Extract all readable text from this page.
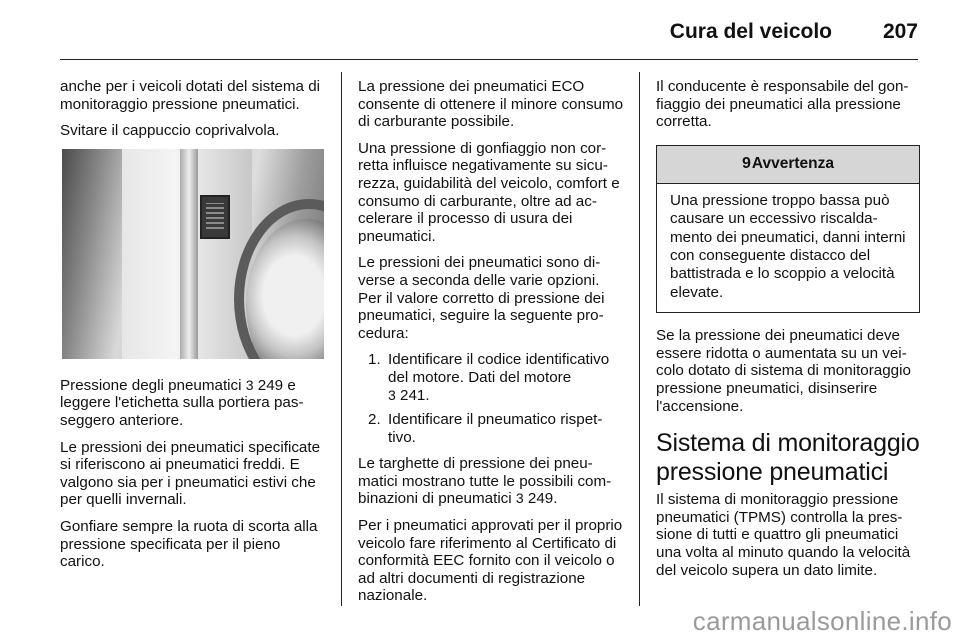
Cura del veicolo 207

anche per i veicoli dotati del sistema di monitoraggio pressione pneumatici.

Svitare il cappuccio coprivalvola.

Pressione degli pneumatici 3 249 e leggere l'etichetta sulla portiera passeggero anteriore.

Le pressioni dei pneumatici specificate si riferiscono ai pneumatici freddi. E valgono sia per i pneumatici estivi che per quelli invernali.

Gonfiare sempre la ruota di scorta alla pressione specificata per il pieno carico.

La pressione dei pneumatici ECO consente di ottenere il minore consumo di carburante possibile.

Una pressione di gonfiaggio non corretta influisce negativamente su sicurezza, guidabilità del veicolo, comfort e consumo di carburante, oltre ad accelerare il processo di usura dei pneumatici.

Le pressioni dei pneumatici sono diverse a seconda delle varie opzioni. Per il valore corretto di pressione dei pneumatici, seguire la seguente procedura:

1. Identificare il codice identificativo del motore. Dati del motore
3 241.
2. Identificare il pneumatico rispettivo.

Le targhette di pressione dei pneumatici mostrano tutte le possibili combinazioni di pneumatici 3 249.

Per i pneumatici approvati per il proprio veicolo fare riferimento al Certificato di conformità EEC fornito con il veicolo o ad altri documenti di registrazione nazionale.

Il conducente è responsabile del gonfiaggio dei pneumatici alla pressione corretta.

9 Avvertenza
Una pressione troppo bassa può causare un eccessivo riscaldamento dei pneumatici, danni interni con conseguente distacco del battistrada e lo scoppio a velocità elevate.

Se la pressione dei pneumatici deve essere ridotta o aumentata su un veicolo dotato di sistema di monitoraggio pressione pneumatici, disinserire l'accensione.

Sistema di monitoraggio pressione pneumatici

Il sistema di monitoraggio pressione pneumatici (TPMS) controlla la pressione di tutti e quattro gli pneumatici una volta al minuto quando la velocità del veicolo supera un dato limite.

carmanualsonline.info
